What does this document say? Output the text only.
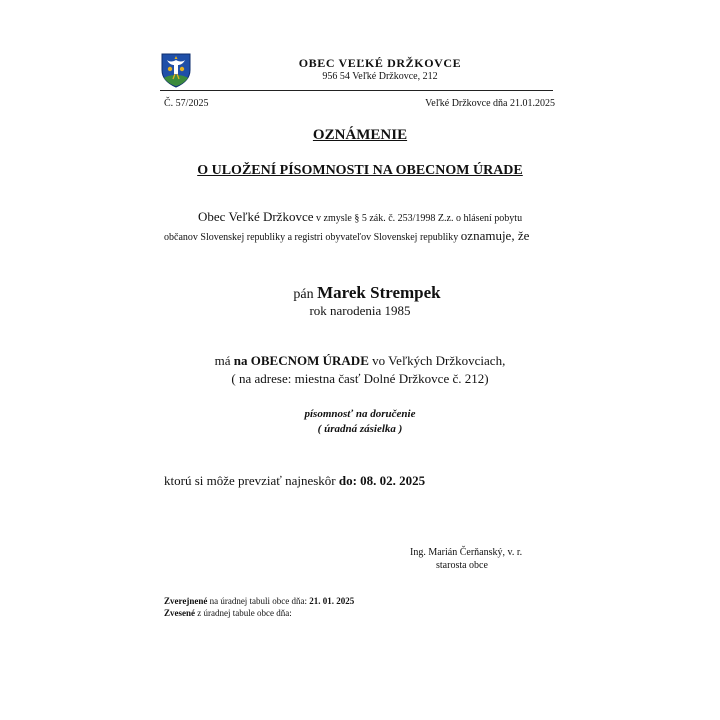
OBEC VEĽKÉ DRŽKOVCE
956 54 Veľké Držkovce, 212
Č. 57/2025	Veľké Držkovce dňa 21.01.2025
OZNÁMENIE
O ULOŽENÍ PÍSOMNOSTI NA OBECNOM ÚRADE
Obec Veľké Držkovce v zmysle § 5 zák. č. 253/1998 Z.z. o hlásení pobytu
občanov Slovenskej republiky a registri obyvateľov Slovenskej republiky oznamuje, že
pán Marek Strempek
rok narodenia 1985
má na OBECNOM ÚRADE vo Veľkých Držkovciach,
( na adrese: miestna časť Dolné Držkovce č. 212)
písomnosť na doručenie
( úradná zásielka )
ktorú si môže prevziať najneskôr do: 08. 02. 2025
Ing. Marián Čerňanský, v. r.
starosta obce
Zverejnené na úradnej tabuli obce dňa: 21. 01. 2025
Zvesené z úradnej tabule obce dňa:
